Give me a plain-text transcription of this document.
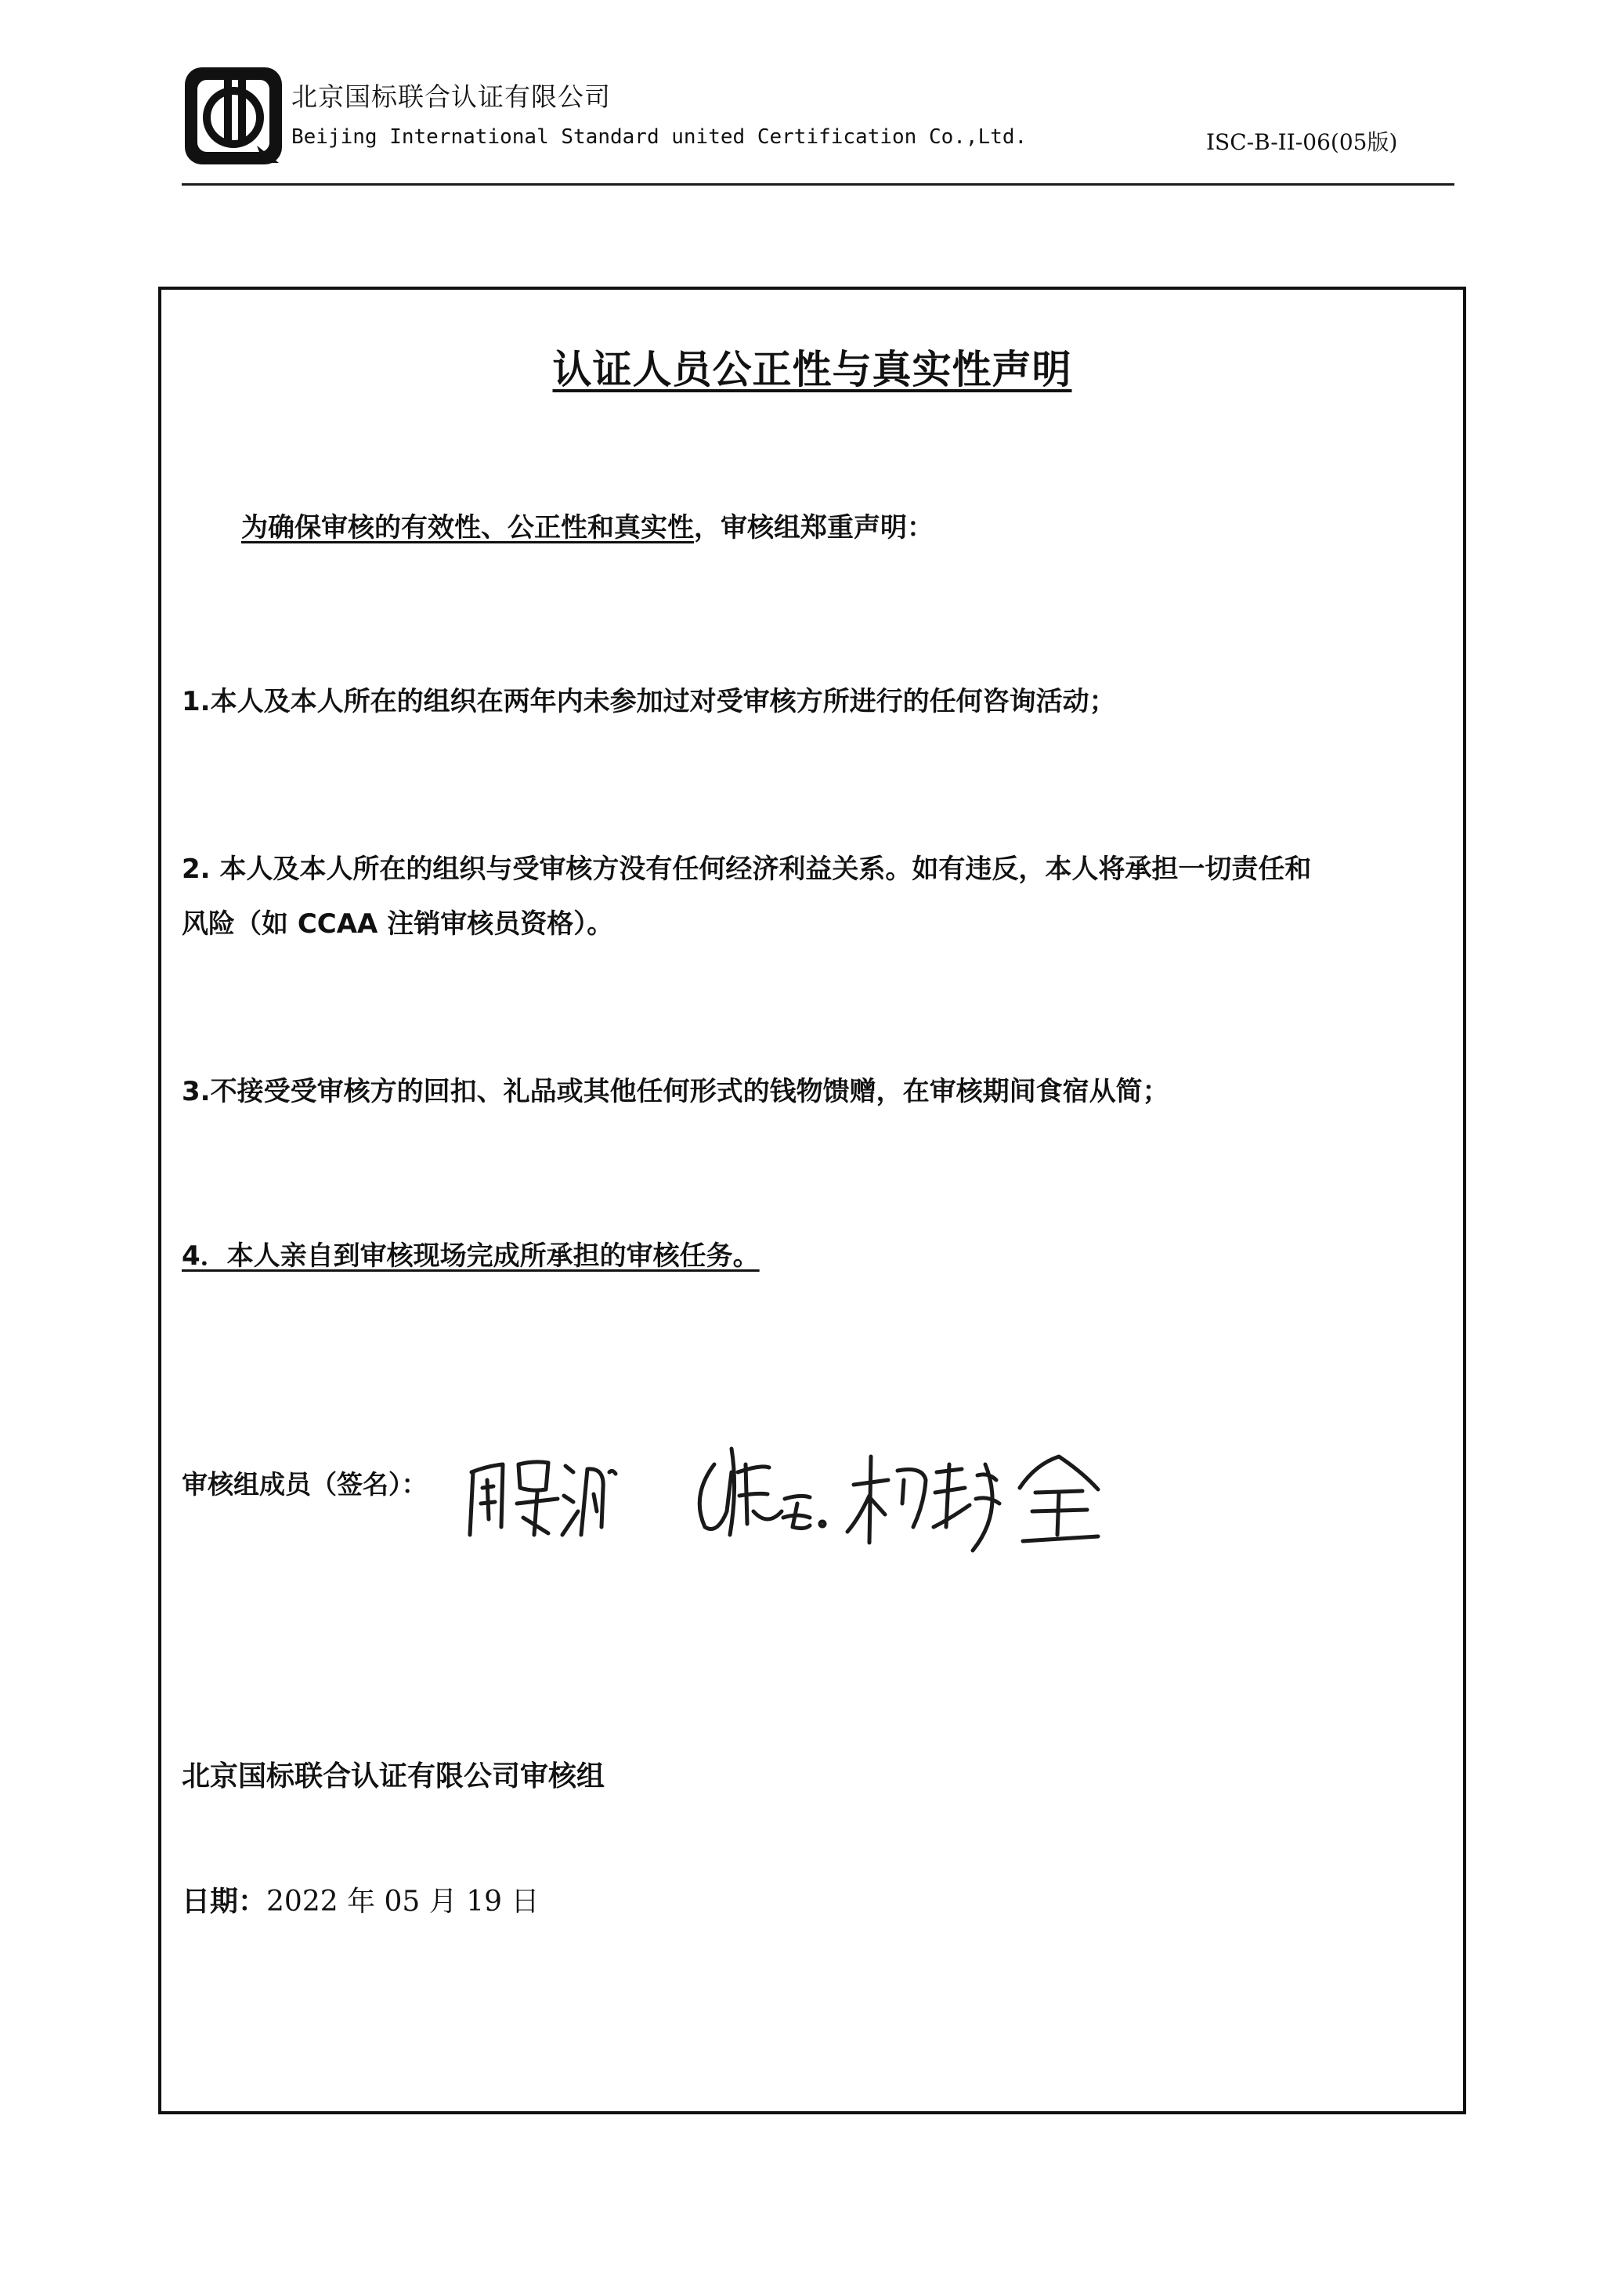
北京国标联合认证有限公司
Beijing International Standard united Certification Co.,Ltd.	ISC-B-II-06(05版)
认证人员公正性与真实性声明
为确保审核的有效性、公正性和真实性，审核组郑重声明：
1.本人及本人所在的组织在两年内未参加过对受审核方所进行的任何咨询活动；
2. 本人及本人所在的组织与受审核方没有任何经济利益关系。如有违反，本人将承担一切责任和
风险（如 CCAA 注销审核员资格）。
3.不接受受审核方的回扣、礼品或其他任何形式的钱物馈赠，在审核期间食宿从简；
4．本人亲自到审核现场完成所承担的审核任务。
审核组成员（签名）：
北京国标联合认证有限公司审核组
日期：2022 年 05 月 19 日
